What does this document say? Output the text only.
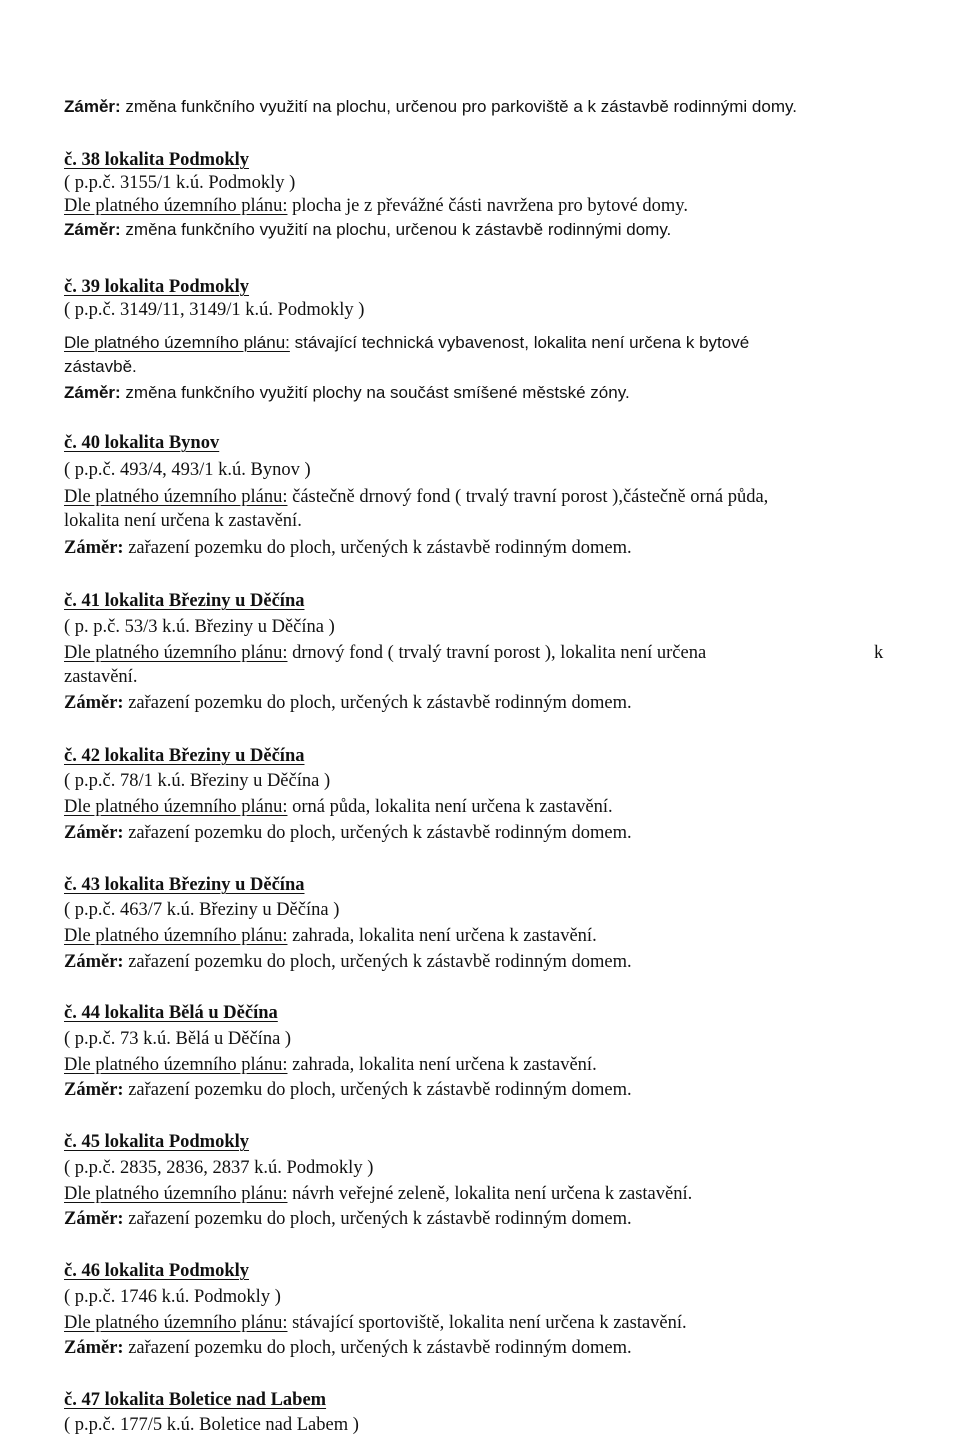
Záměr: změna funkčního využití na plochu, určenou pro parkoviště a k zástavbě rodinnými domy.
č. 38 lokalita Podmokly
( p.p.č. 3155/1 k.ú. Podmokly )
Dle platného územního plánu: plocha je z převážné části navržena pro bytové domy.
Záměr: změna funkčního využití na plochu, určenou k zástavbě rodinnými domy.
č. 39 lokalita Podmokly
( p.p.č. 3149/11, 3149/1 k.ú. Podmokly )
Dle platného územního plánu: stávající technická vybavenost, lokalita není určena k bytové
zástavbě.
Záměr: změna funkčního využití plochy na součást smíšené městské zóny.
č. 40 lokalita Bynov
( p.p.č. 493/4, 493/1 k.ú. Bynov )
Dle platného územního plánu: částečně drnový fond ( trvalý travní porost ),částečně orná půda,
lokalita není určena k zastavění.
Záměr: zařazení pozemku do ploch, určených k zástavbě rodinným domem.
č. 41 lokalita Březiny u Děčína
( p. p.č. 53/3 k.ú. Březiny u Děčína )
Dle platného územního plánu: drnový fond ( trvalý travní porost ), lokalita není určena	k
zastavění.
Záměr: zařazení pozemku do ploch, určených k zástavbě rodinným domem.
č. 42 lokalita Březiny u Děčína
( p.p.č. 78/1 k.ú. Březiny u Děčína )
Dle platného územního plánu: orná půda, lokalita není určena k zastavění.
Záměr: zařazení pozemku do ploch, určených k zástavbě rodinným domem.
č. 43 lokalita Březiny u Děčína
( p.p.č. 463/7 k.ú. Březiny u Děčína )
Dle platného územního plánu: zahrada, lokalita není určena k zastavění.
Záměr: zařazení pozemku do ploch, určených k zástavbě rodinným domem.
č. 44 lokalita Bělá u Děčína
( p.p.č. 73 k.ú. Bělá u Děčína )
Dle platného územního plánu: zahrada, lokalita není určena k zastavění.
Záměr: zařazení pozemku do ploch, určených k zástavbě rodinným domem.
č. 45 lokalita Podmokly
( p.p.č. 2835, 2836, 2837 k.ú. Podmokly )
Dle platného územního plánu: návrh veřejné zeleně, lokalita není určena k zastavění.
Záměr: zařazení pozemku do ploch, určených k zástavbě rodinným domem.
č. 46 lokalita Podmokly
( p.p.č. 1746 k.ú. Podmokly )
Dle platného územního plánu: stávající sportoviště, lokalita není určena k zastavění.
Záměr: zařazení pozemku do ploch, určených k zástavbě rodinným domem.
č. 47 lokalita Boletice nad Labem
( p.p.č. 177/5 k.ú. Boletice nad Labem )
